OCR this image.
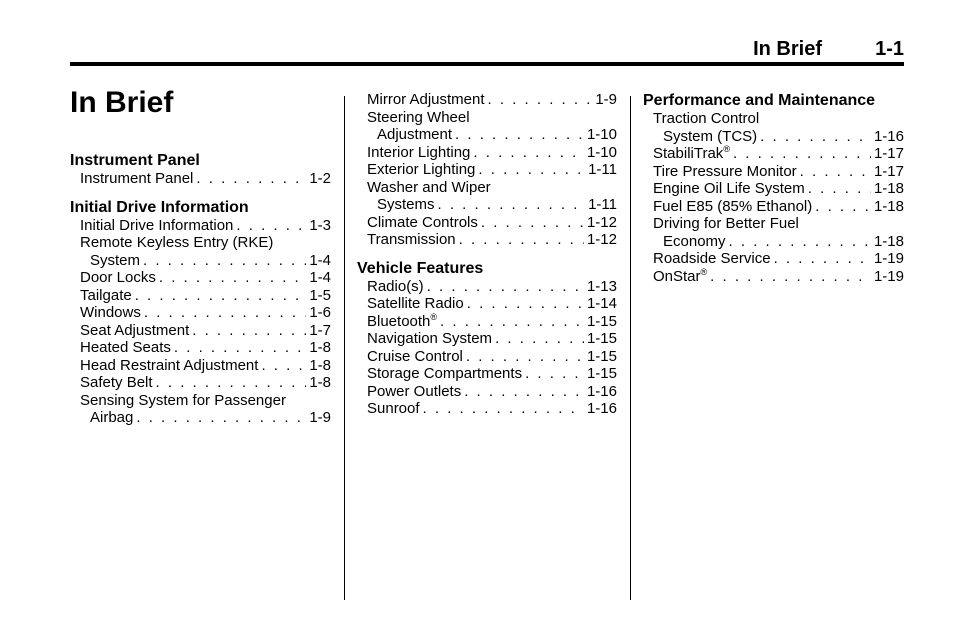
In Brief	1-1
In Brief
Instrument Panel
Instrument Panel . . .	1-2
Initial Drive Information
Initial Drive Information . . .	1-3
Remote Keyless Entry (RKE)
System . . .	1-4
Door Locks . . .	1-4
Tailgate . . .	1-5
Windows . . .	1-6
Seat Adjustment . . .	1-7
Heated Seats . . .	1-8
Head Restraint Adjustment . . .	1-8
Safety Belt . . .	1-8
Sensing System for Passenger
Airbag . . .	1-9
Mirror Adjustment . . .	1-9
Steering Wheel
Adjustment . . .	1-10
Interior Lighting . . .	1-10
Exterior Lighting . . .	1-11
Washer and Wiper
Systems . . .	1-11
Climate Controls . . .	1-12
Transmission . . .	1-12
Vehicle Features
Radio(s) . . .	1-13
Satellite Radio . . .	1-14
Bluetooth® . . .	1-15
Navigation System . . .	1-15
Cruise Control . . .	1-15
Storage Compartments . . .	1-15
Power Outlets . . .	1-16
Sunroof . . .	1-16
Performance and Maintenance
Traction Control
System (TCS) . . .	1-16
StabiliTrak® . . .	1-17
Tire Pressure Monitor . . .	1-17
Engine Oil Life System . . .	1-18
Fuel E85 (85% Ethanol) . . .	1-18
Driving for Better Fuel
Economy . . .	1-18
Roadside Service . . .	1-19
OnStar® . . .	1-19
